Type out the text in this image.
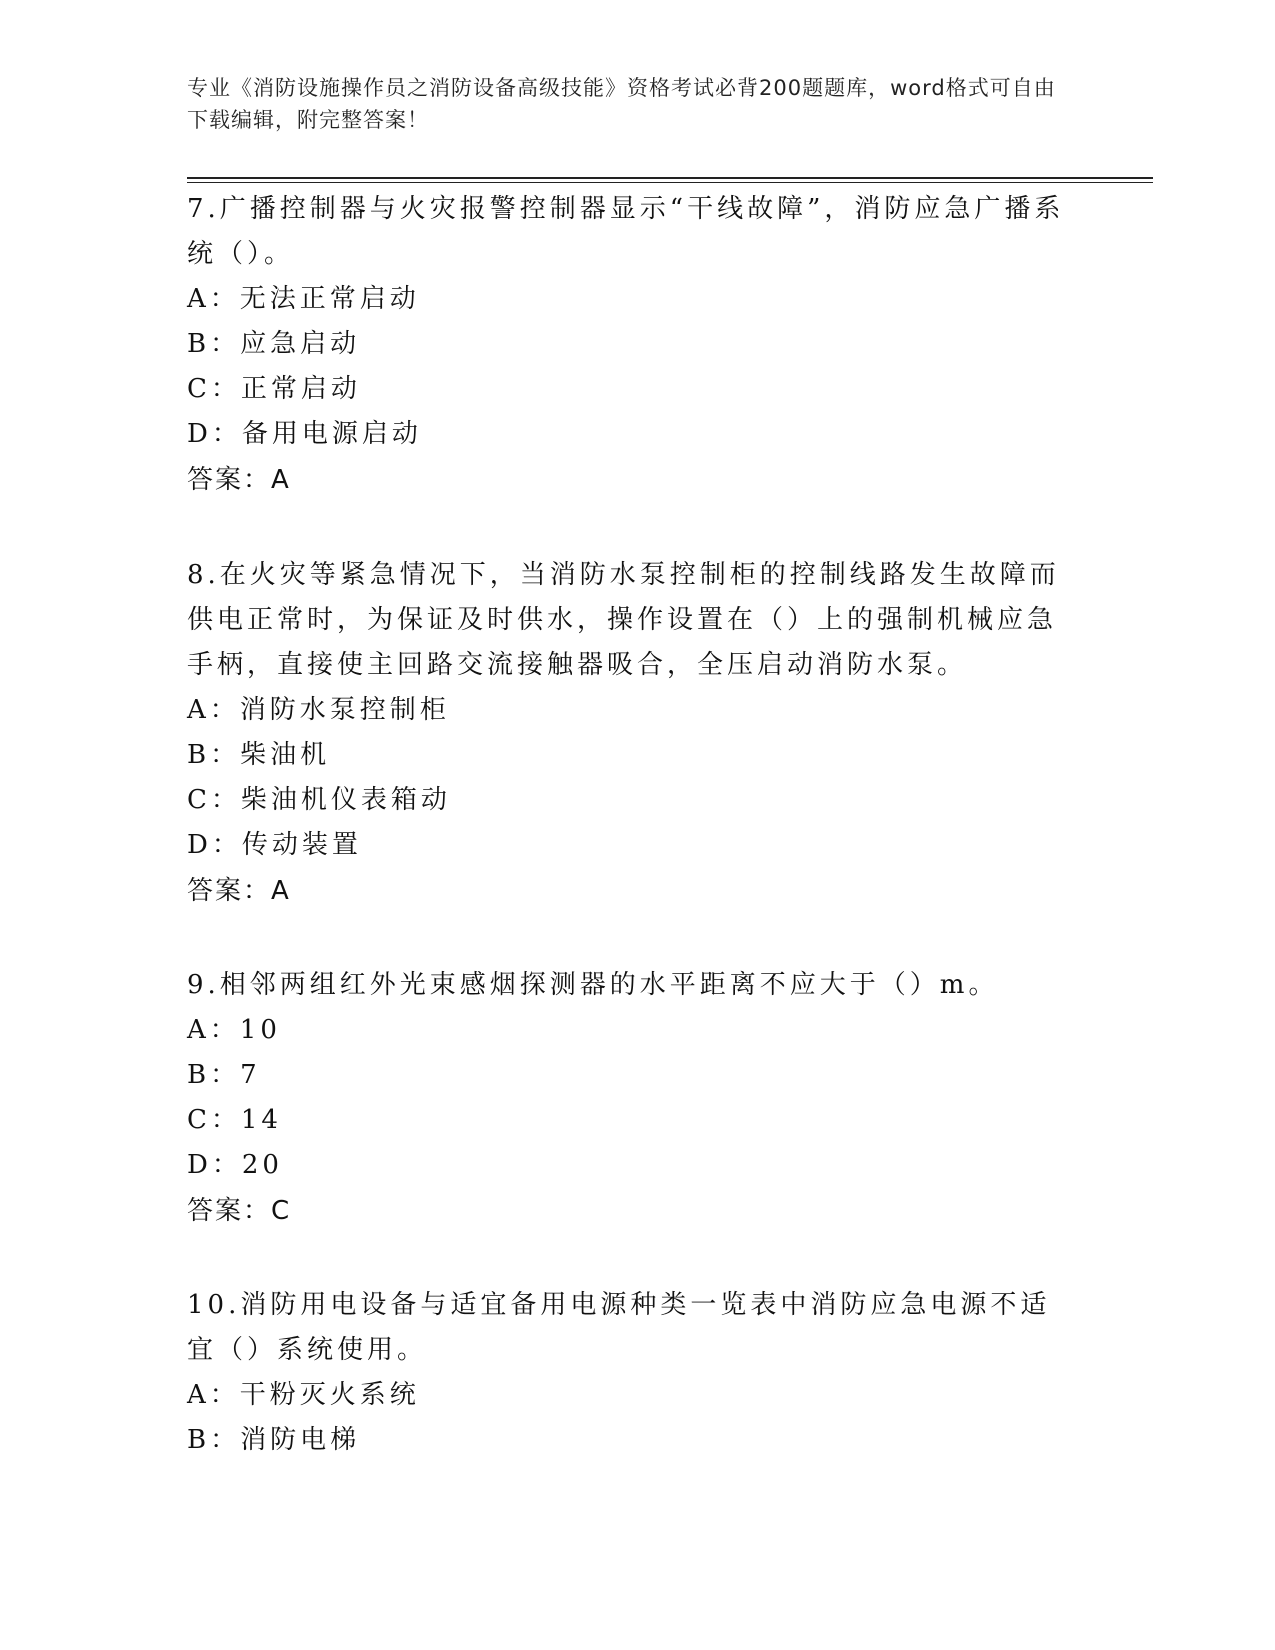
专业《消防设施操作员之消防设备高级技能》资格考试必背200题题库，word格式可自由下载编辑，附完整答案！
7.广播控制器与火灾报警控制器显示“干线故障”，消防应急广播系统（）。
A：无法正常启动
B：应急启动
C：正常启动
D：备用电源启动
答案：A
8.在火灾等紧急情况下，当消防水泵控制柜的控制线路发生故障而供电正常时，为保证及时供水，操作设置在（）上的强制机械应急手柄，直接使主回路交流接触器吸合，全压启动消防水泵。
A：消防水泵控制柜
B：柴油机
C：柴油机仪表箱动
D：传动装置
答案：A
9.相邻两组红外光束感烟探测器的水平距离不应大于（）m。
A：10
B：7
C：14
D：20
答案：C
10.消防用电设备与适宜备用电源种类一览表中消防应急电源不适宜（）系统使用。
A：干粉灭火系统
B：消防电梯
